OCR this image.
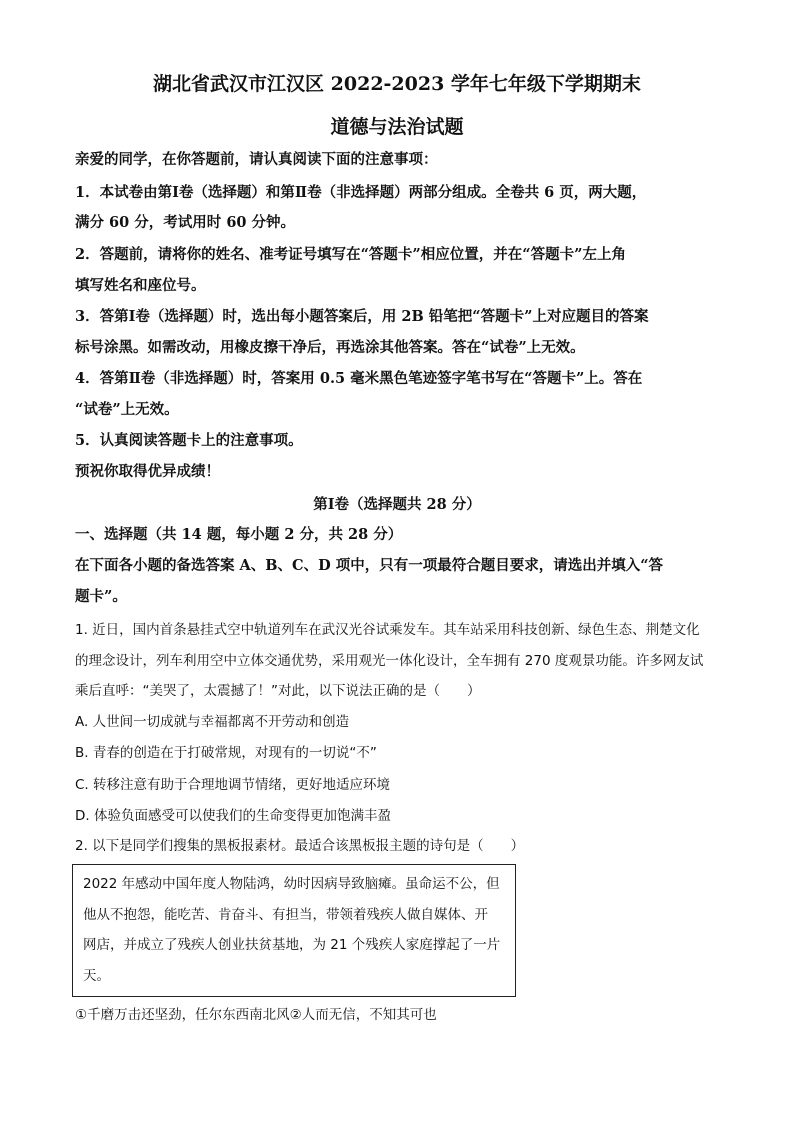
湖北省武汉市江汉区 2022-2023 学年七年级下学期期末
道德与法治试题
亲爱的同学，在你答题前，请认真阅读下面的注意事项：
1．本试卷由第Ⅰ卷（选择题）和第Ⅱ卷（非选择题）两部分组成。全卷共 6 页，两大题，
满分 60 分，考试用时 60 分钟。
2．答题前，请将你的姓名、准考证号填写在“答题卡”相应位置，并在“答题卡”左上角
填写姓名和座位号。
3．答第Ⅰ卷（选择题）时，选出每小题答案后，用 2B 铅笔把“答题卡”上对应题目的答案
标号涂黑。如需改动，用橡皮擦干净后，再选涂其他答案。答在“试卷”上无效。
4．答第Ⅱ卷（非选择题）时，答案用 0.5 毫米黑色笔迹签字笔书写在“答题卡”上。答在
“试卷”上无效。
5．认真阅读答题卡上的注意事项。
预祝你取得优异成绩！
第Ⅰ卷（选择题共 28 分）
一、选择题（共 14 题，每小题 2 分，共 28 分）
在下面各小题的备选答案 A、B、C、D 项中，只有一项最符合题目要求，请选出并填入“答
题卡”。
1. 近日，国内首条悬挂式空中轨道列车在武汉光谷试乘发车。其车站采用科技创新、绿色生态、荆楚文化
的理念设计，列车利用空中立体交通优势，采用观光一体化设计，全车拥有 270 度观景功能。许多网友试
乘后直呼：“美哭了，太震撼了！”对此，以下说法正确的是（　　）
A. 人世间一切成就与幸福都离不开劳动和创造
B. 青春的创造在于打破常规，对现有的一切说“不”
C. 转移注意有助于合理地调节情绪，更好地适应环境
D. 体验负面感受可以使我们的生命变得更加饱满丰盈
2. 以下是同学们搜集的黑板报素材。最适合该黑板报主题的诗句是（　　）
2022 年感动中国年度人物陆鸿，幼时因病导致脑瘫。虽命运不公，但
他从不抱怨，能吃苦、肯奋斗、有担当，带领着残疾人做自媒体、开
网店，并成立了残疾人创业扶贫基地，为 21 个残疾人家庭撑起了一片
天。
①千磨万击还坚劲，任尔东西南北风②人而无信，不知其可也
